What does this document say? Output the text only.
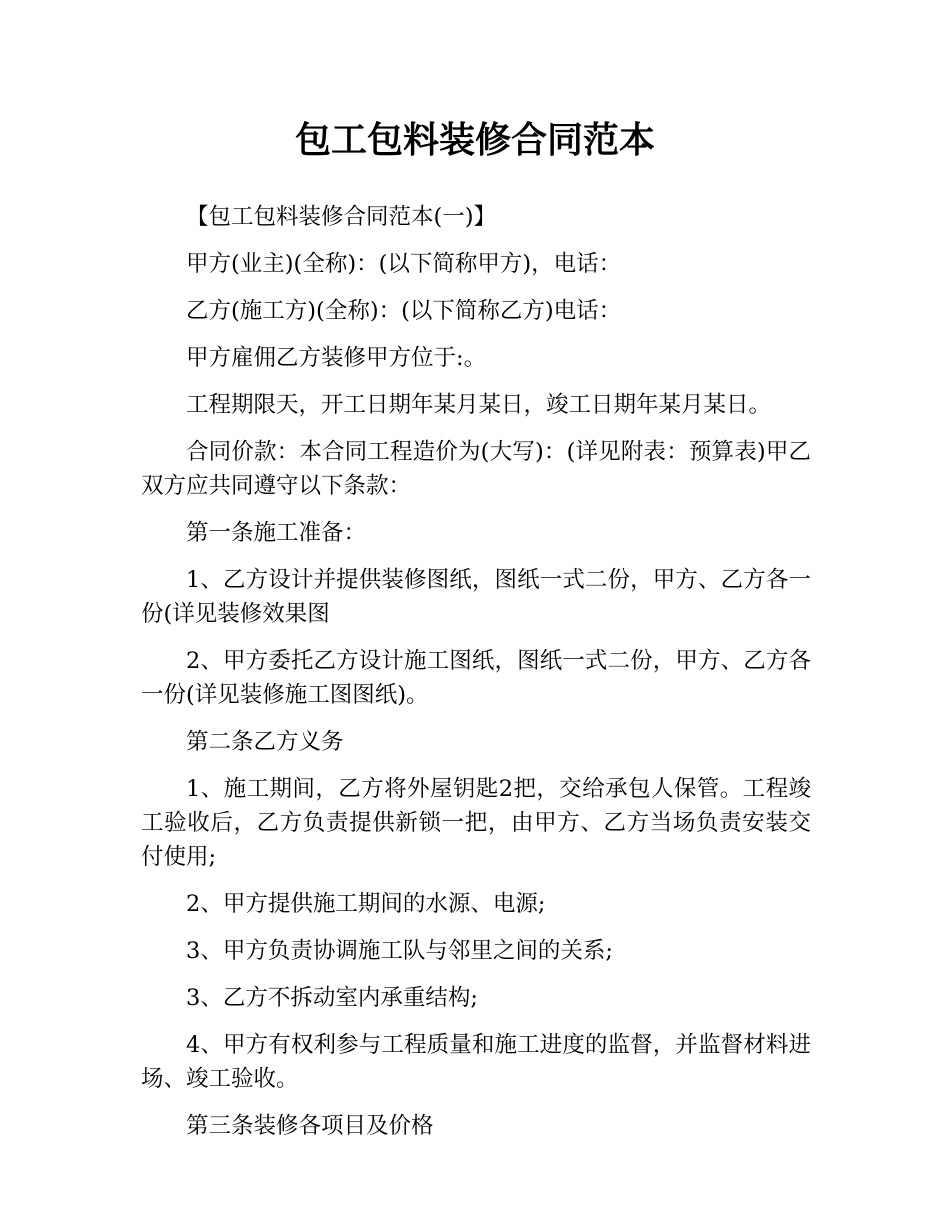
包工包料装修合同范本

【包工包料装修合同范本(一)】

甲方(业主)(全称)：(以下简称甲方)，电话：

乙方(施工方)(全称)：(以下简称乙方)电话：

甲方雇佣乙方装修甲方位于:。

工程期限天，开工日期年某月某日，竣工日期年某月某日。

合同价款：本合同工程造价为(大写)：(详见附表：预算表)甲乙双方应共同遵守以下条款：

第一条施工准备：

1、乙方设计并提供装修图纸，图纸一式二份，甲方、乙方各一份(详见装修效果图

2、甲方委托乙方设计施工图纸，图纸一式二份，甲方、乙方各一份(详见装修施工图图纸)。

第二条乙方义务

1、施工期间，乙方将外屋钥匙2把，交给承包人保管。工程竣工验收后，乙方负责提供新锁一把，由甲方、乙方当场负责安装交付使用;

2、甲方提供施工期间的水源、电源;

3、甲方负责协调施工队与邻里之间的关系;

3、乙方不拆动室内承重结构;

4、甲方有权利参与工程质量和施工进度的监督，并监督材料进场、竣工验收。

第三条装修各项目及价格
